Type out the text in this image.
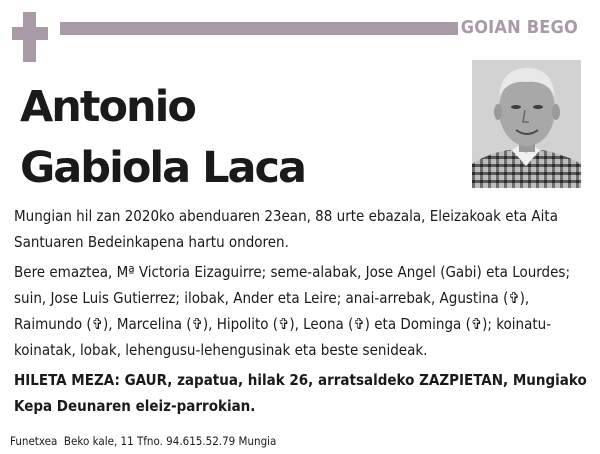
GOIAN BEGO
Antonio
Gabiola Laca

Mungian hil zan 2020ko abenduaren 23ean, 88 urte ebazala, Eleizakoak eta Aita Santuaren Bedeinkapena hartu ondoren.

Bere emaztea, Mª Victoria Eizaguirre; seme-alabak, Jose Angel (Gabi) eta Lourdes; suin, Jose Luis Gutierrez; ilobak, Ander eta Leire; anai-arrebak, Agustina (✞), Raimundo (✞), Marcelina (✞), Hipolito (✞), Leona (✞) eta Dominga (✞); koinatu-koinatak, lobak, lehengusu-lehengusinak eta beste senideak.

HILETA MEZA: GAUR, zapatua, hilak 26, arratsaldeko ZAZPIETAN, Mungiako Kepa Deunaren eleiz-parrokian.

Funetxea  Beko kale, 11 Tfno. 94.615.52.79 Mungia
